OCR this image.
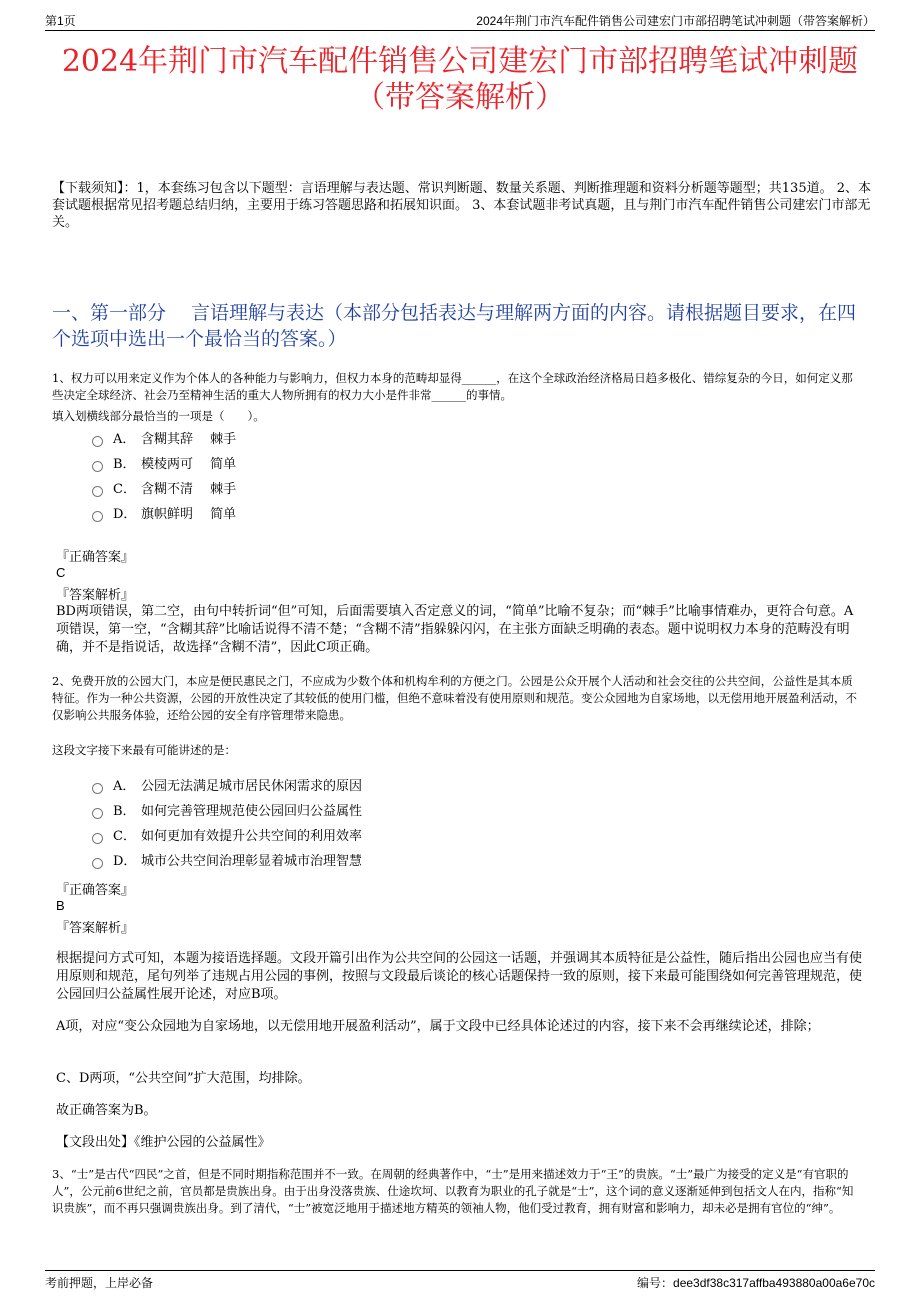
第1页	2024年荆门市汽车配件销售公司建宏门市部招聘笔试冲刺题（带答案解析）
2024年荆门市汽车配件销售公司建宏门市部招聘笔试冲刺题
（带答案解析）
【下载须知】：1，本套练习包含以下题型：言语理解与表达题、常识判断题、数量关系题、判断推理题和资料分析题等题型；共135道。 2、本套试题根据常见招考题总结归纳，主要用于练习答题思路和拓展知识面。 3、本套试题非考试真题，且与荆门市汽车配件销售公司建宏门市部无关。
一、第一部分　 言语理解与表达（本部分包括表达与理解两方面的内容。请根据题目要求，在四个选项中选出一个最恰当的答案。）
1、权力可以用来定义作为个体人的各种能力与影响力，但权力本身的范畴却显得______，在这个全球政治经济格局日趋多极化、错综复杂的今日，如何定义那些决定全球经济、社会乃至精神生活的重大人物所拥有的权力大小是件非常______的事情。
填入划横线部分最恰当的一项是（　　）。
A． 含糊其辞　 棘手
B． 模棱两可　 简单
C． 含糊不清　 棘手
D． 旗帜鲜明　 简单
『正确答案』
C
『答案解析』
BD两项错误，第二空，由句中转折词“但”可知，后面需要填入否定意义的词，“简单”比喻不复杂；而“棘手”比喻事情难办，更符合句意。A项错误，第一空，“含糊其辞”比喻话说得不清不楚；“含糊不清”指躲躲闪闪，在主张方面缺乏明确的表态。题中说明权力本身的范畴没有明确，并不是指说话，故选择“含糊不清”，因此C项正确。
2、免费开放的公园大门，本应是便民惠民之门，不应成为少数个体和机构牟利的方便之门。公园是公众开展个人活动和社会交往的公共空间，公益性是其本质特征。作为一种公共资源，公园的开放性决定了其较低的使用门槛，但绝不意味着没有使用原则和规范。变公众园地为自家场地，以无偿用地开展盈利活动，不仅影响公共服务体验，还给公园的安全有序管理带来隐患。
这段文字接下来最有可能讲述的是：
A． 公园无法满足城市居民休闲需求的原因
B． 如何完善管理规范使公园回归公益属性
C． 如何更加有效提升公共空间的利用效率
D． 城市公共空间治理彰显着城市治理智慧
『正确答案』
B
『答案解析』
根据提问方式可知，本题为接语选择题。文段开篇引出作为公共空间的公园这一话题，并强调其本质特征是公益性，随后指出公园也应当有使用原则和规范，尾句列举了违规占用公园的事例，按照与文段最后谈论的核心话题保持一致的原则，接下来最可能围绕如何完善管理规范，使公园回归公益属性展开论述，对应B项。
A项，对应“变公众园地为自家场地，以无偿用地开展盈利活动”，属于文段中已经具体论述过的内容，接下来不会再继续论述，排除；
C、D两项，“公共空间”扩大范围，均排除。
故正确答案为B。
【文段出处】《维护公园的公益属性》
3、“士”是古代“四民”之首，但是不同时期指称范围并不一致。在周朝的经典著作中，“士”是用来描述效力于“王”的贵族。“士”最广为接受的定义是“有官职的人”，公元前6世纪之前，官员都是贵族出身。由于出身没落贵族、仕途坎坷、以教育为职业的孔子就是“士”，这个词的意义逐渐延伸到包括文人在内，指称“知识贵族”，而不再只强调贵族出身。到了清代，“士”被宽泛地用于描述地方精英的领袖人物，他们受过教育，拥有财富和影响力，却未必是拥有官位的“绅”。
考前押题，上岸必备	编号：dee3df38c317affba493880a00a6e70c
